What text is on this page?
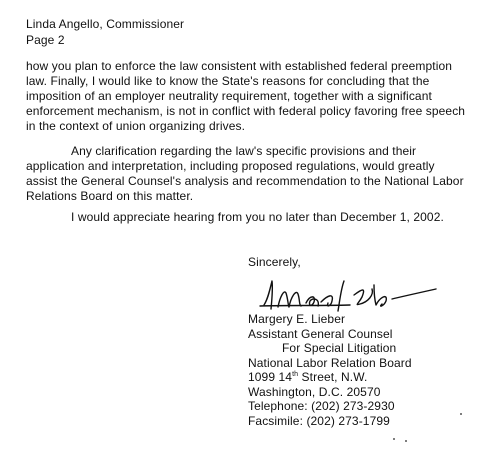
Linda Angello, Commissioner
Page 2
how you plan to enforce the law consistent with established federal preemption
law. Finally, I would like to know the State's reasons for concluding that the
imposition of an employer neutrality requirement, together with a significant
enforcement mechanism, is not in conflict with federal policy favoring free speech
in the context of union organizing drives.
Any clarification regarding the law's specific provisions and their
application and interpretation, including proposed regulations, would greatly
assist the General Counsel's analysis and recommendation to the National Labor
Relations Board on this matter.
I would appreciate hearing from you no later than December 1, 2002.
Sincerely,
Margery E. Lieber
Assistant General Counsel
For Special Litigation
National Labor Relation Board
1099 14th Street, N.W.
Washington, D.C. 20570
Telephone: (202) 273-2930
Facsimile: (202) 273-1799
